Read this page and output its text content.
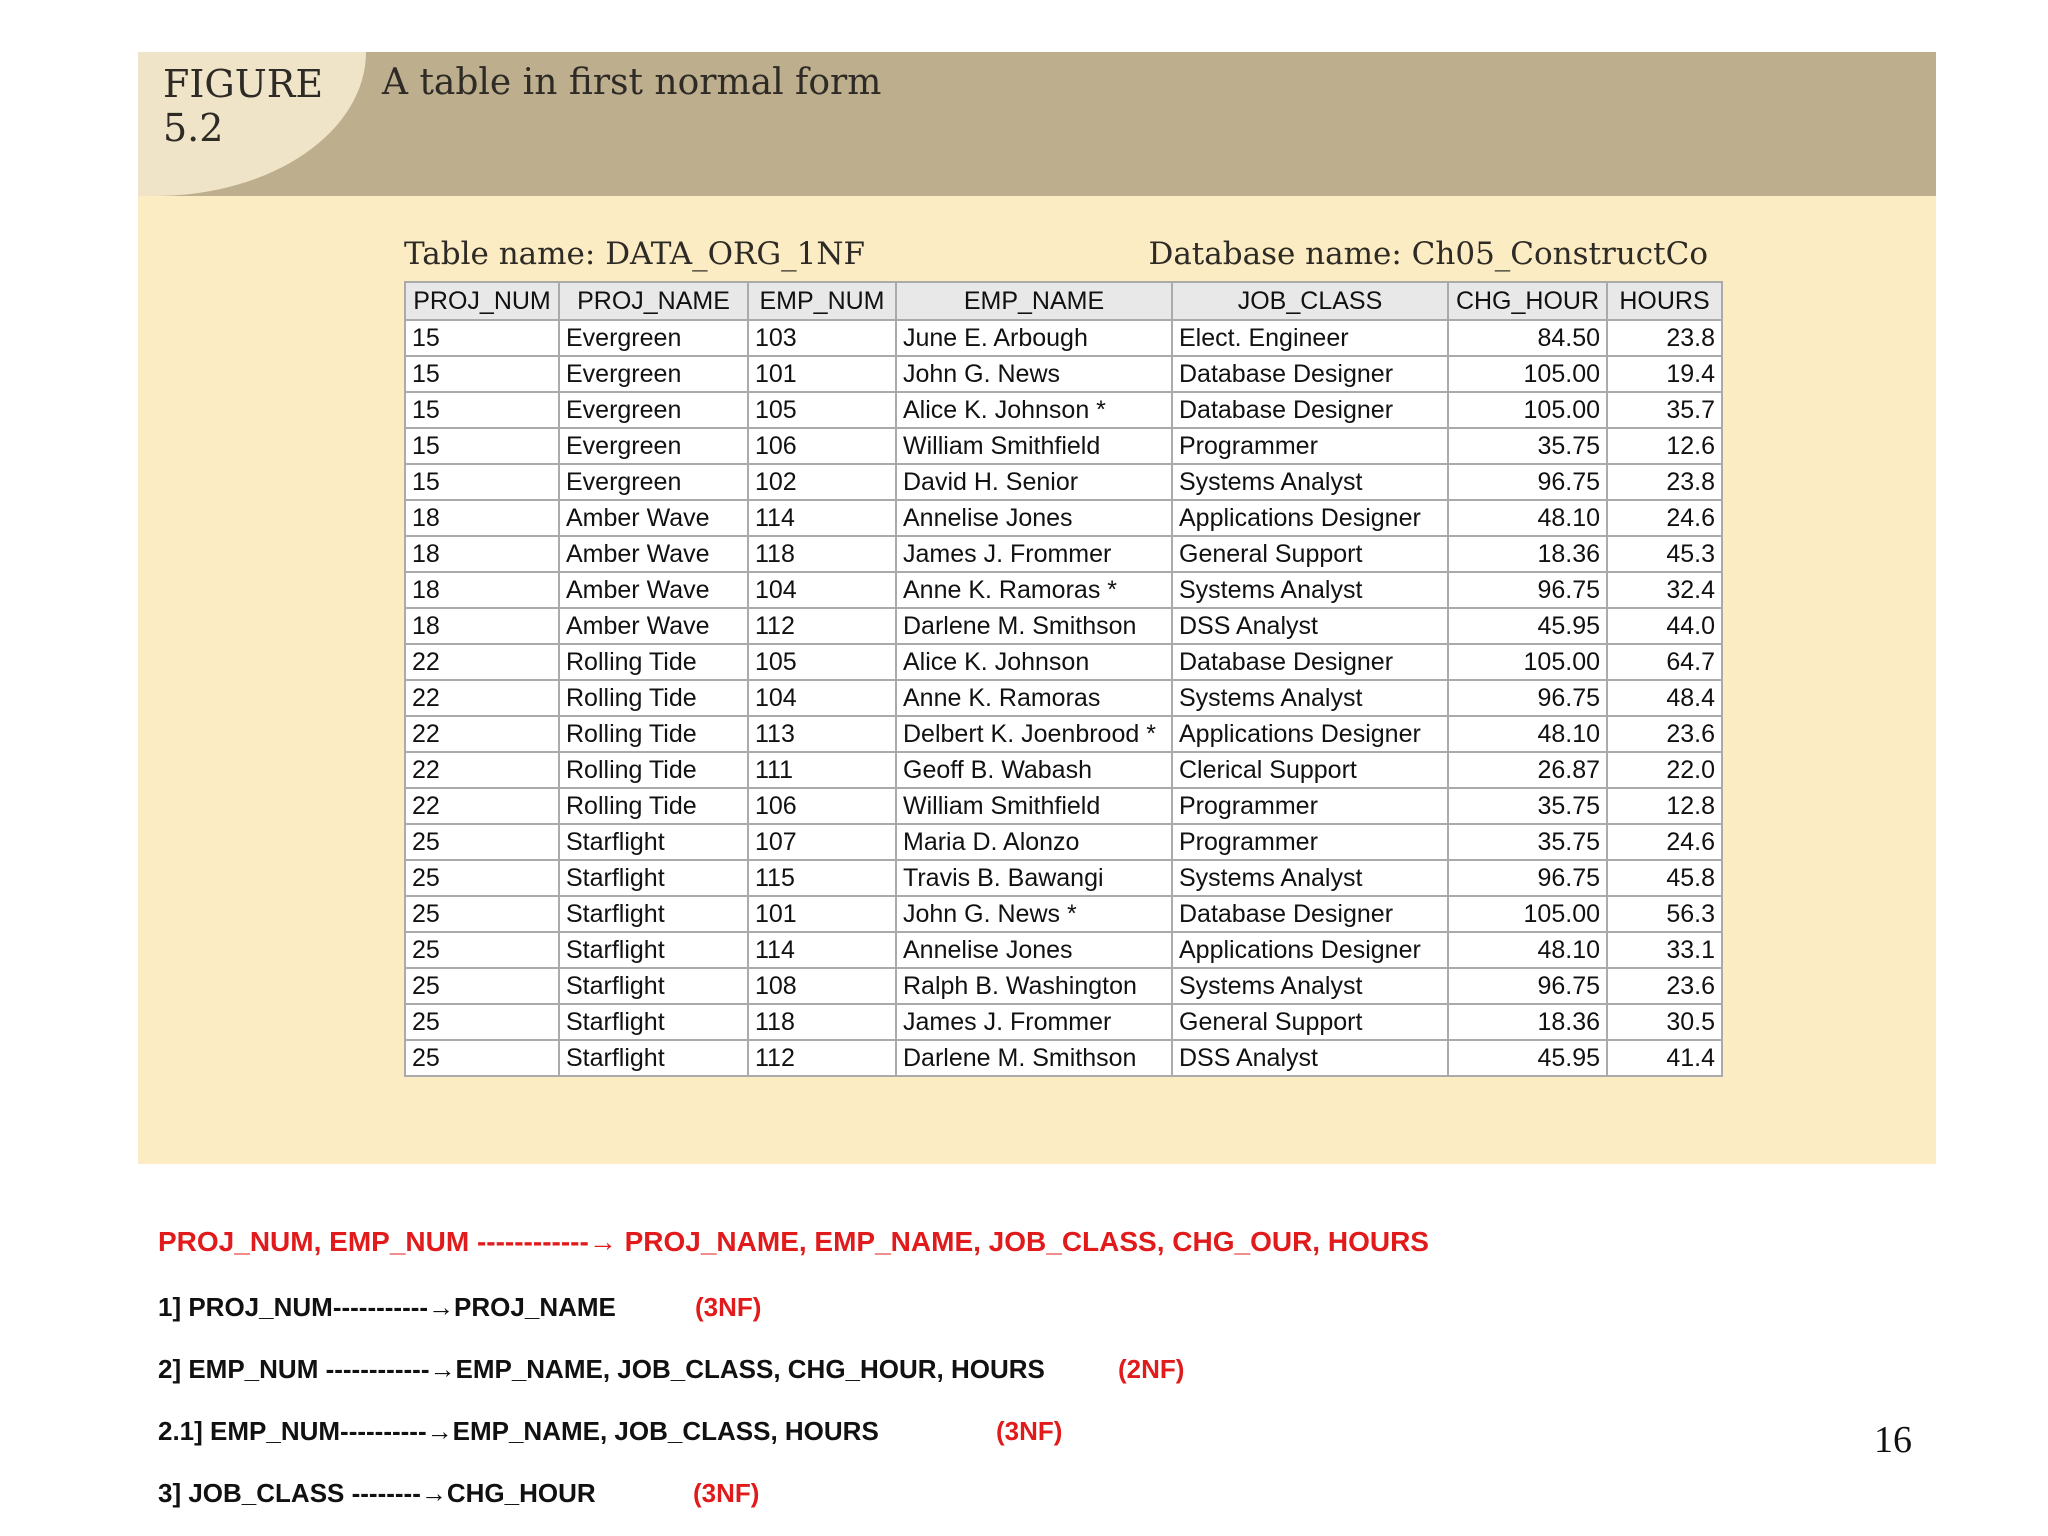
FIGURE
5.2
A table in first normal form
Table name: DATA_ORG_1NF	Database name: Ch05_ConstructCo
PROJ_NUM	PROJ_NAME	EMP_NUM	EMP_NAME	JOB_CLASS	CHG_HOUR	HOURS
15	Evergreen	103	June E. Arbough	Elect. Engineer	84.50	23.8
15	Evergreen	101	John G. News	Database Designer	105.00	19.4
15	Evergreen	105	Alice K. Johnson *	Database Designer	105.00	35.7
15	Evergreen	106	William Smithfield	Programmer	35.75	12.6
15	Evergreen	102	David H. Senior	Systems Analyst	96.75	23.8
18	Amber Wave	114	Annelise Jones	Applications Designer	48.10	24.6
18	Amber Wave	118	James J. Frommer	General Support	18.36	45.3
18	Amber Wave	104	Anne K. Ramoras *	Systems Analyst	96.75	32.4
18	Amber Wave	112	Darlene M. Smithson	DSS Analyst	45.95	44.0
22	Rolling Tide	105	Alice K. Johnson	Database Designer	105.00	64.7
22	Rolling Tide	104	Anne K. Ramoras	Systems Analyst	96.75	48.4
22	Rolling Tide	113	Delbert K. Joenbrood *	Applications Designer	48.10	23.6
22	Rolling Tide	111	Geoff B. Wabash	Clerical Support	26.87	22.0
22	Rolling Tide	106	William Smithfield	Programmer	35.75	12.8
25	Starflight	107	Maria D. Alonzo	Programmer	35.75	24.6
25	Starflight	115	Travis B. Bawangi	Systems Analyst	96.75	45.8
25	Starflight	101	John G. News *	Database Designer	105.00	56.3
25	Starflight	114	Annelise Jones	Applications Designer	48.10	33.1
25	Starflight	108	Ralph B. Washington	Systems Analyst	96.75	23.6
25	Starflight	118	James J. Frommer	General Support	18.36	30.5
25	Starflight	112	Darlene M. Smithson	DSS Analyst	45.95	41.4
PROJ_NUM, EMP_NUM ------------→ PROJ_NAME, EMP_NAME, JOB_CLASS, CHG_OUR, HOURS
1] PROJ_NUM-----------→PROJ_NAME	(3NF)
2] EMP_NUM ------------→EMP_NAME, JOB_CLASS, CHG_HOUR, HOURS	(2NF)
2.1] EMP_NUM----------→EMP_NAME, JOB_CLASS, HOURS	(3NF)
3] JOB_CLASS --------→CHG_HOUR	(3NF)
16
